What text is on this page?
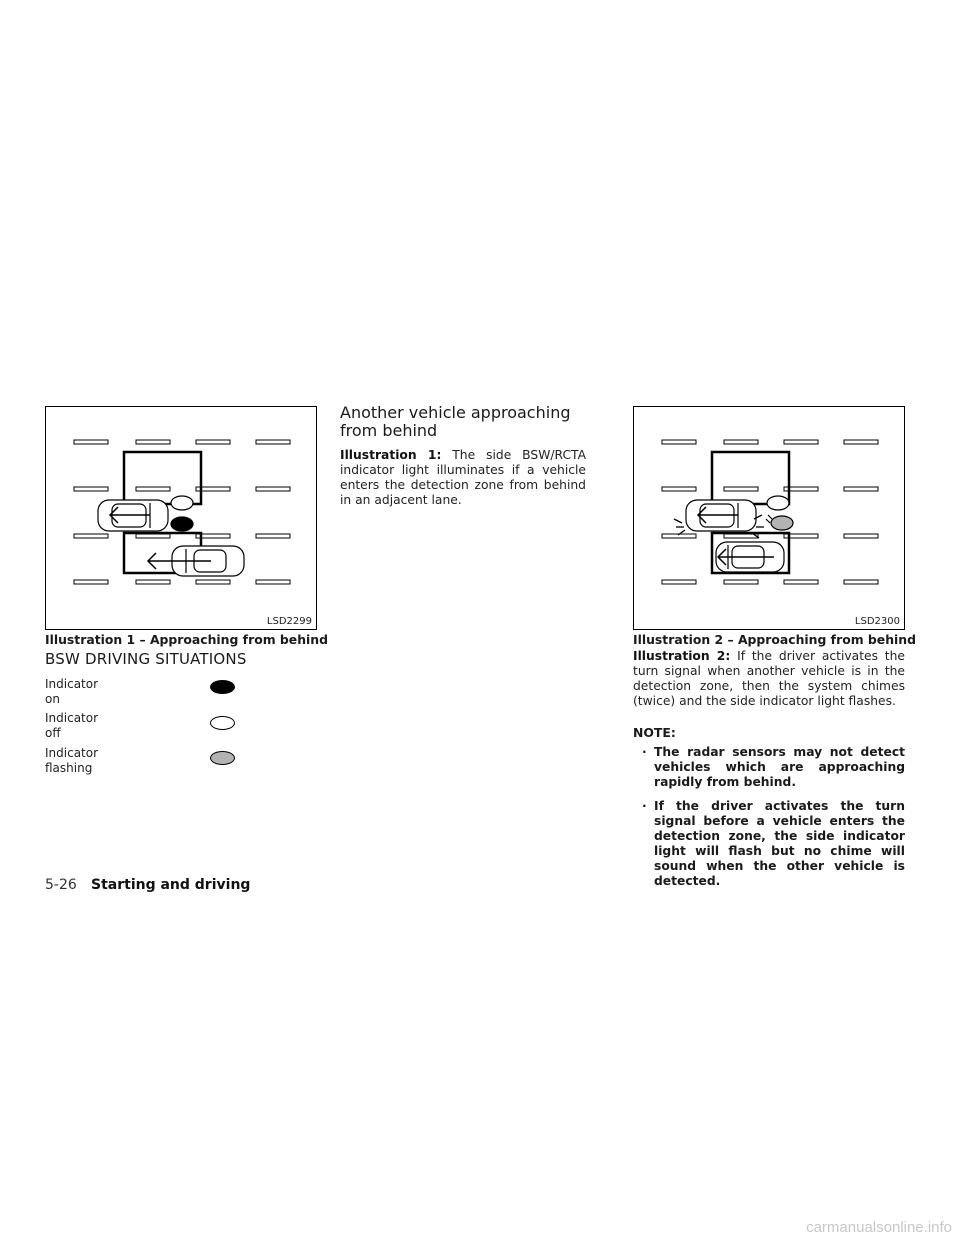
LSD2299

Illustration 1 – Approaching from behind

LSD2300

Illustration 2 – Approaching from behind

BSW DRIVING SITUATIONS
Indicator on
Indicator off
Indicator flashing
Another vehicle approaching from behind

Illustration 1: The side BSW/RCTA indicator light illuminates if a vehicle enters the detection zone from behind in an adjacent lane.

Illustration 2: If the driver activates the turn signal when another vehicle is in the detection zone, then the system chimes (twice) and the side indicator light flashes.

NOTE:

· The radar sensors may not detect vehicles which are approaching rapidly from behind.
· If the driver activates the turn signal before a vehicle enters the detection zone, the side indicator light will flash but no chime will sound when the other vehicle is detected.
5-26 Starting and driving
carmanualsonline.info
